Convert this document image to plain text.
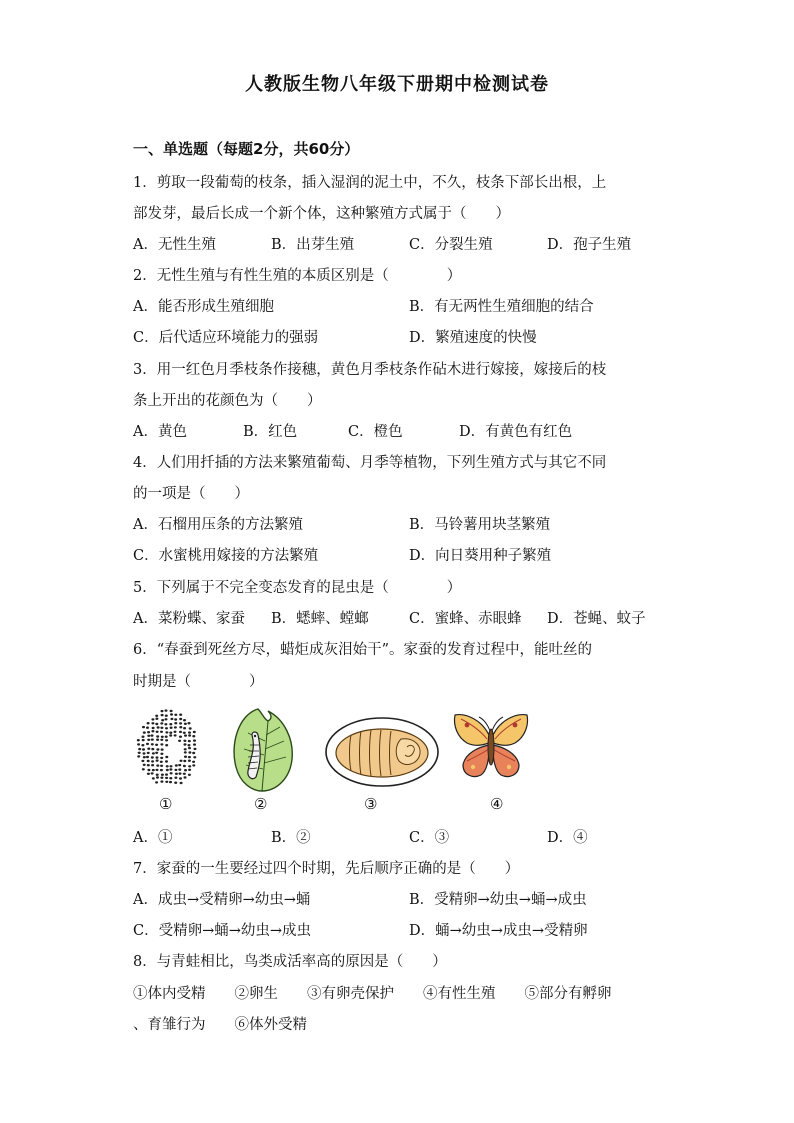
人教版生物八年级下册期中检测试卷
一、单选题（每题2分，共60分）
1．剪取一段葡萄的枝条，插入湿润的泥土中，不久，枝条下部长出根，上
部发芽，最后长成一个新个体，这种繁殖方式属于（　　）
A．无性生殖	B．出芽生殖	C．分裂生殖	D．孢子生殖
2．无性生殖与有性生殖的本质区别是（　　　　）
A．能否形成生殖细胞	B．有无两性生殖细胞的结合
C．后代适应环境能力的强弱	D．繁殖速度的快慢
3．用一红色月季枝条作接穗，黄色月季枝条作砧木进行嫁接，嫁接后的枝
条上开出的花颜色为（　　）
A．黄色	B．红色	C．橙色	D．有黄色有红色
4．人们用扦插的方法来繁殖葡萄、月季等植物，下列生殖方式与其它不同
的一项是（　　）
A．石榴用压条的方法繁殖	B．马铃薯用块茎繁殖
C．水蜜桃用嫁接的方法繁殖	D．向日葵用种子繁殖
5．下列属于不完全变态发育的昆虫是（　　　　）
A．菜粉蝶、家蚕 B．蟋蟀、螳螂	C．蜜蜂、赤眼蜂 D．苍蝇、蚊子
6．“春蚕到死丝方尽，蜡炬成灰泪始干”。家蚕的发育过程中，能吐丝的
时期是（　　　　）
①	②	③	④
A．①	B．②	C．③	D．④
7．家蚕的一生要经过四个时期，先后顺序正确的是（　　）
A．成虫→受精卵→幼虫→蛹	B．受精卵→幼虫→蛹→成虫
C．受精卵→蛹→幼虫→成虫	D．蛹→幼虫→成虫→受精卵
8．与青蛙相比，鸟类成活率高的原因是（　　）
①体内受精　　②卵生　　③有卵壳保护　　④有性生殖　　⑤部分有孵卵
、育雏行为　　⑥体外受精
